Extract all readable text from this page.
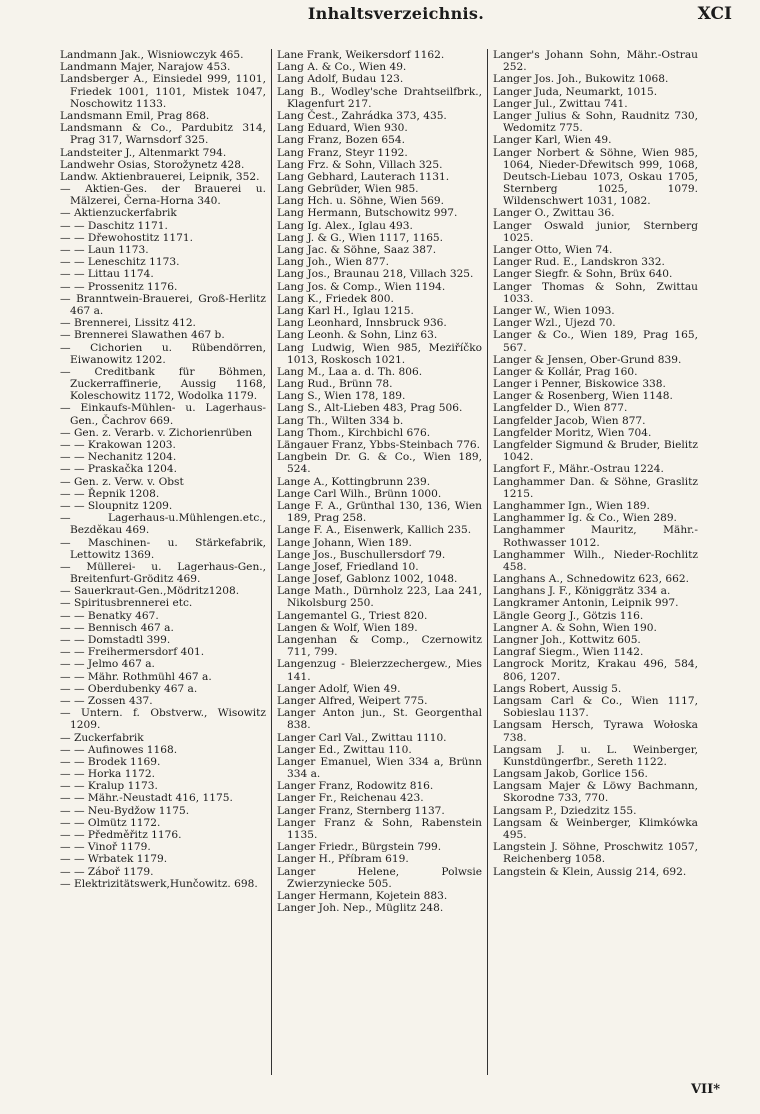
Inhaltsverzeichnis.	XCI
Landmann Jak., Wisniowczyk 465.
Landmann Majer, Narajow 453.
Landsberger A., Einsiedel 999, 1101, Friedek 1001, 1101, Mistek 1047, Noschowitz 1133.
Landsmann Emil, Prag 868.
Landsmann & Co., Pardubitz 314, Prag 317, Warnsdorf 325.
Landsteiter J., Altenmarkt 794.
Landwehr Osias, Storožynetz 428.
Landw. Aktienbrauerei, Leipnik, 352.
— Aktien-Ges. der Brauerei u. Mälzerei, Černa-Horna 340.
— Aktienzuckerfabrik
— — Daschitz 1171.
— — Dřewohostitz 1171.
— — Laun 1173.
— — Leneschitz 1173.
— — Littau 1174.
— — Prossenitz 1176.
— Branntwein-Brauerei, Groß-Herlitz 467 a.
— Brennerei, Lissitz 412.
— Brennerei Slawathen 467 b.
— Cichorien u. Rübendörren, Eiwanowitz 1202.
— Creditbank für Böhmen, Zuckerraffinerie, Aussig 1168, Koleschowitz 1172, Wodolka 1179.
— Einkaufs-Mühlen- u. Lagerhaus-Gen., Čachrov 669.
— Gen. z. Verarb. v. Zichorienrüben
— — Krakowan 1203.
— — Nechanitz 1204.
— — Praskačka 1204.
— Gen. z. Verw. v. Obst
— — Řepnik 1208.
— — Sloupnitz 1209.
— Lagerhaus-u.Mühlengen.etc., Bezděkau 469.
— Maschinen- u. Stärkefabrik, Lettowitz 1369.
— Müllerei- u. Lagerhaus-Gen., Breitenfurt-Gröditz 469.
— Sauerkraut-Gen.,Mödritz1208.
— Spiritusbrennerei etc.
— — Benatky 467.
— — Bennisch 467 a.
— — Domstadtl 399.
— — Freihermersdorf 401.
— — Jelmo 467 a.
— — Mähr. Rothmühl 467 a.
— — Oberdubenky 467 a.
— — Zossen 437.
— Untern. f. Obstverw., Wisowitz 1209.
— Zuckerfabrik
— — Aufinowes 1168.
— — Brodek 1169.
— — Horka 1172.
— — Kralup 1173.
— — Mähr.-Neustadt 416, 1175.
— — Neu-Bydžow 1175.
— — Olmütz 1172.
— — Předměřitz 1176.
— — Vinoř 1179.
— — Wrbatek 1179.
— — Záboř 1179.
— Elektrizitätswerk,Hunčowitz. 698.
Lane Frank, Weikersdorf 1162.
Lang A. & Co., Wien 49.
Lang Adolf, Budau 123.
Lang B., Wodley'sche Drahtseilfbrk., Klagenfurt 217.
Lang Čest., Zahrádka 373, 435.
Lang Eduard, Wien 930.
Lang Franz, Bozen 654.
Lang Franz, Steyr 1192.
Lang Frz. & Sohn, Villach 325.
Lang Gebhard, Lauterach 1131.
Lang Gebrüder, Wien 985.
Lang Hch. u. Söhne, Wien 569.
Lang Hermann, Butschowitz 997.
Lang Ig. Alex., Iglau 493.
Lang J. & G., Wien 1117, 1165.
Lang Jac. & Söhne, Saaz 387.
Lang Joh., Wien 877.
Lang Jos., Braunau 218, Villach 325.
Lang Jos. & Comp., Wien 1194.
Lang K., Friedek 800.
Lang Karl H., Iglau 1215.
Lang Leonhard, Innsbruck 936.
Lang Leonh. & Sohn, Linz 63.
Lang Ludwig, Wien 985, Meziříčko 1013, Roskosch 1021.
Lang M., Laa a. d. Th. 806.
Lang Rud., Brünn 78.
Lang S., Wien 178, 189.
Lang S., Alt-Lieben 483, Prag 506.
Lang Th., Wilten 334 b.
Lang Thom., Kirchbichl 676.
Längauer Franz, Ybbs-Steinbach 776.
Langbein Dr. G. & Co., Wien 189, 524.
Lange A., Kottingbrunn 239.
Lange Carl Wilh., Brünn 1000.
Lange F. A., Grünthal 130, 136, Wien 189, Prag 258.
Lange F. A., Eisenwerk, Kallich 235.
Lange Johann, Wien 189.
Lange Jos., Buschullersdorf 79.
Lange Josef, Friedland 10.
Lange Josef, Gablonz 1002, 1048.
Lange Math., Dürnholz 223, Laa 241, Nikolsburg 250.
Langemantel G., Triest 820.
Langen & Wolf, Wien 189.
Langenhan & Comp., Czernowitz 711, 799.
Langenzug - Bleierzzechergew., Mies 141.
Langer Adolf, Wien 49.
Langer Alfred, Weipert 775.
Langer Anton jun., St. Georgenthal 838.
Langer Carl Val., Zwittau 1110.
Langer Ed., Zwittau 110.
Langer Emanuel, Wien 334 a, Brünn 334 a.
Langer Franz, Rodowitz 816.
Langer Fr., Reichenau 423.
Langer Franz, Sternberg 1137.
Langer Franz & Sohn, Rabenstein 1135.
Langer Friedr., Bürgstein 799.
Langer H., Příbram 619.
Langer Helene, Polwsie Zwierzyniecke 505.
Langer Hermann, Kojetein 883.
Langer Joh. Nep., Müglitz 248.
Langer's Johann Sohn, Mähr.-Ostrau 252.
Langer Jos. Joh., Bukowitz 1068.
Langer Juda, Neumarkt, 1015.
Langer Jul., Zwittau 741.
Langer Julius & Sohn, Raudnitz 730, Wedomitz 775.
Langer Karl, Wien 49.
Langer Norbert & Söhne, Wien 985, 1064, Nieder-Dřewitsch 999, 1068, Deutsch-Liebau 1073, Oskau 1705, Sternberg 1025, 1079. Wildenschwert 1031, 1082.
Langer O., Zwittau 36.
Langer Oswald junior, Sternberg 1025.
Langer Otto, Wien 74.
Langer Rud. E., Landskron 332.
Langer Siegfr. & Sohn, Brüx 640.
Langer Thomas & Sohn, Zwittau 1033.
Langer W., Wien 1093.
Langer Wzl., Ujezd 70.
Langer & Co., Wien 189, Prag 165, 567.
Langer & Jensen, Ober-Grund 839.
Langer & Kollár, Prag 160.
Langer i Penner, Biskowice 338.
Langer & Rosenberg, Wien 1148.
Langfelder D., Wien 877.
Langfelder Jacob, Wien 877.
Langfelder Moritz, Wien 704.
Langfelder Sigmund & Bruder, Bielitz 1042.
Langfort F., Mähr.-Ostrau 1224.
Langhammer Dan. & Söhne, Graslitz 1215.
Langhammer Ign., Wien 189.
Langhammer Ig. & Co., Wien 289.
Langhammer Mauritz, Mähr.-Rothwasser 1012.
Langhammer Wilh., Nieder-Rochlitz 458.
Langhans A., Schnedowitz 623, 662.
Langhans J. F., Königgrätz 334 a.
Langkramer Antonin, Leipnik 997.
Längle Georg J., Götzis 116.
Langner A. & Sohn, Wien 190.
Langner Joh., Kottwitz 605.
Langraf Siegm., Wien 1142.
Langrock Moritz, Krakau 496, 584, 806, 1207.
Langs Robert, Aussig 5.
Langsam Carl & Co., Wien 1117, Sobieslau 1137.
Langsam Hersch, Tyrawa Wołoska 738.
Langsam J. u. L. Weinberger, Kunstdüngerfbr., Sereth 1122.
Langsam Jakob, Gorlice 156.
Langsam Majer & Löwy Bachmann, Skorodne 733, 770.
Langsam P., Dziedzitz 155.
Langsam & Weinberger, Klimkówka 495.
Langstein J. Söhne, Proschwitz 1057, Reichenberg 1058.
Langstein & Klein, Aussig 214, 692.
VII*
